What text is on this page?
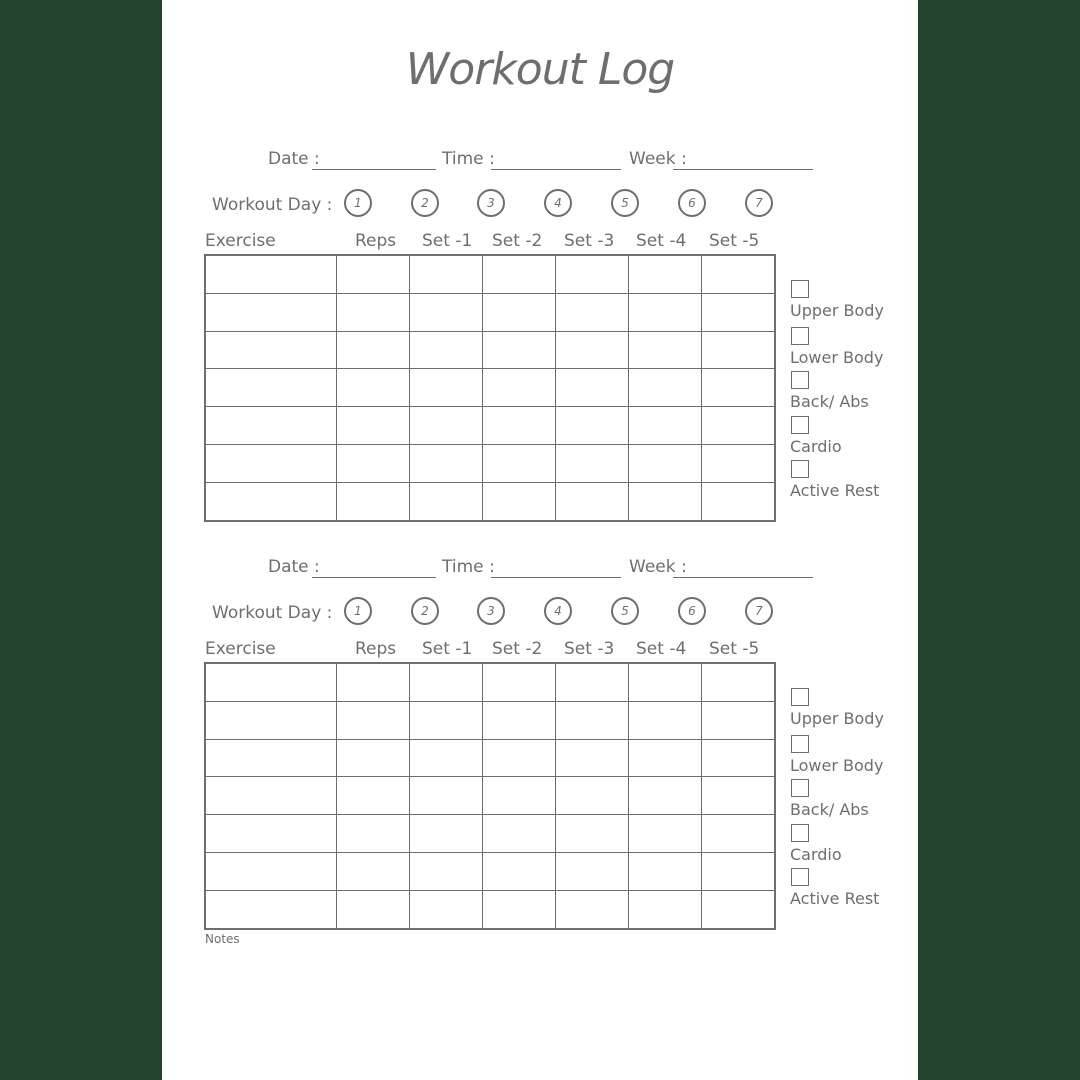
Workout Log
Date :	Time :	Week :
Workout Day :	1	2	3	4	5	6	7
Exercise	Reps Set -1 Set -2 Set -3 Set -4 Set -5

Upper Body
Lower Body
Back/ Abs
Cardio
Active Rest
Date :	Time :	Week :
Workout Day :	1	2	3	4	5	6	7
Exercise	Reps Set -1 Set -2 Set -3 Set -4 Set -5

Upper Body
Lower Body
Back/ Abs
Cardio
Active Rest
Notes
